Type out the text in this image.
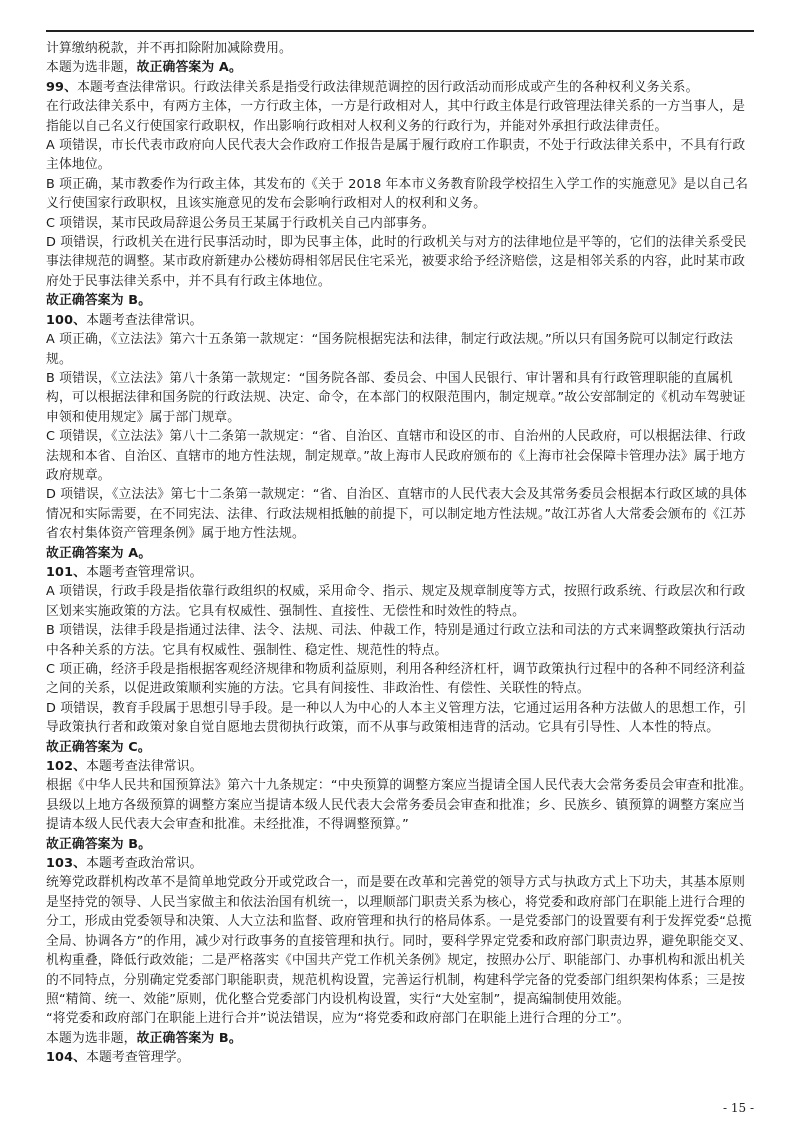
计算缴纳税款，并不再扣除附加减除费用。

本题为选非题，故正确答案为 A。

99、本题考查法律常识。行政法律关系是指受行政法律规范调控的因行政活动而形成或产生的各种权利义务关系。

在行政法律关系中，有两方主体，一方行政主体，一方是行政相对人，其中行政主体是行政管理法律关系的一方当事人，是指能以自己名义行使国家行政职权，作出影响行政相对人权利义务的行政行为，并能对外承担行政法律责任。

A 项错误，市长代表市政府向人民代表大会作政府工作报告是属于履行政府工作职责，不处于行政法律关系中，不具有行政主体地位。

B 项正确，某市教委作为行政主体，其发布的《关于 2018 年本市义务教育阶段学校招生入学工作的实施意见》是以自己名义行使国家行政职权，且该实施意见的发布会影响行政相对人的权利和义务。

C 项错误，某市民政局辞退公务员王某属于行政机关自己内部事务。

D 项错误，行政机关在进行民事活动时，即为民事主体，此时的行政机关与对方的法律地位是平等的，它们的法律关系受民事法律规范的调整。某市政府新建办公楼妨碍相邻居民住宅采光，被要求给予经济赔偿，这是相邻关系的内容，此时某市政府处于民事法律关系中，并不具有行政主体地位。

故正确答案为 B。

100、本题考查法律常识。

A 项正确，《立法法》第六十五条第一款规定：“国务院根据宪法和法律，制定行政法规。”所以只有国务院可以制定行政法规。

B 项错误，《立法法》第八十条第一款规定：“国务院各部、委员会、中国人民银行、审计署和具有行政管理职能的直属机构，可以根据法律和国务院的行政法规、决定、命令，在本部门的权限范围内，制定规章。”故公安部制定的《机动车驾驶证申领和使用规定》属于部门规章。

C 项错误，《立法法》第八十二条第一款规定：“省、自治区、直辖市和设区的市、自治州的人民政府，可以根据法律、行政法规和本省、自治区、直辖市的地方性法规，制定规章。”故上海市人民政府颁布的《上海市社会保障卡管理办法》属于地方政府规章。

D 项错误，《立法法》第七十二条第一款规定：“省、自治区、直辖市的人民代表大会及其常务委员会根据本行政区域的具体情况和实际需要，在不同宪法、法律、行政法规相抵触的前提下，可以制定地方性法规。”故江苏省人大常委会颁布的《江苏省农村集体资产管理条例》属于地方性法规。

故正确答案为 A。

101、本题考查管理常识。

A 项错误，行政手段是指依靠行政组织的权威，采用命令、指示、规定及规章制度等方式，按照行政系统、行政层次和行政区划来实施政策的方法。它具有权威性、强制性、直接性、无偿性和时效性的特点。

B 项错误，法律手段是指通过法律、法令、法规、司法、仲裁工作，特别是通过行政立法和司法的方式来调整政策执行活动中各种关系的方法。它具有权威性、强制性、稳定性、规范性的特点。

C 项正确，经济手段是指根据客观经济规律和物质利益原则，利用各种经济杠杆，调节政策执行过程中的各种不同经济利益之间的关系，以促进政策顺利实施的方法。它具有间接性、非政治性、有偿性、关联性的特点。

D 项错误，教育手段属于思想引导手段。是一种以人为中心的人本主义管理方法，它通过运用各种方法做人的思想工作，引导政策执行者和政策对象自觉自愿地去贯彻执行政策，而不从事与政策相违背的活动。它具有引导性、人本性的特点。

故正确答案为 C。

102、本题考查法律常识。

根据《中华人民共和国预算法》第六十九条规定：“中央预算的调整方案应当提请全国人民代表大会常务委员会审查和批准。县级以上地方各级预算的调整方案应当提请本级人民代表大会常务委员会审查和批准；乡、民族乡、镇预算的调整方案应当提请本级人民代表大会审查和批准。未经批准，不得调整预算。”

故正确答案为 B。

103、本题考查政治常识。

统筹党政群机构改革不是简单地党政分开或党政合一，而是要在改革和完善党的领导方式与执政方式上下功夫，其基本原则是坚持党的领导、人民当家做主和依法治国有机统一，以理顺部门职责关系为核心，将党委和政府部门在职能上进行合理的分工，形成由党委领导和决策、人大立法和监督、政府管理和执行的格局体系。一是党委部门的设置要有利于发挥党委“总揽全局、协调各方”的作用，减少对行政事务的直接管理和执行。同时，要科学界定党委和政府部门职责边界，避免职能交叉、机构重叠，降低行政效能；二是严格落实《中国共产党工作机关条例》规定，按照办公厅、职能部门、办事机构和派出机关的不同特点，分别确定党委部门职能职责，规范机构设置，完善运行机制，构建科学完备的党委部门组织架构体系；三是按照“精简、统一、效能”原则，优化整合党委部门内设机构设置，实行“大处室制”，提高编制使用效能。

“将党委和政府部门在职能上进行合并”说法错误，应为“将党委和政府部门在职能上进行合理的分工”。

本题为选非题，故正确答案为 B。

104、本题考查管理学。

- 15 -
